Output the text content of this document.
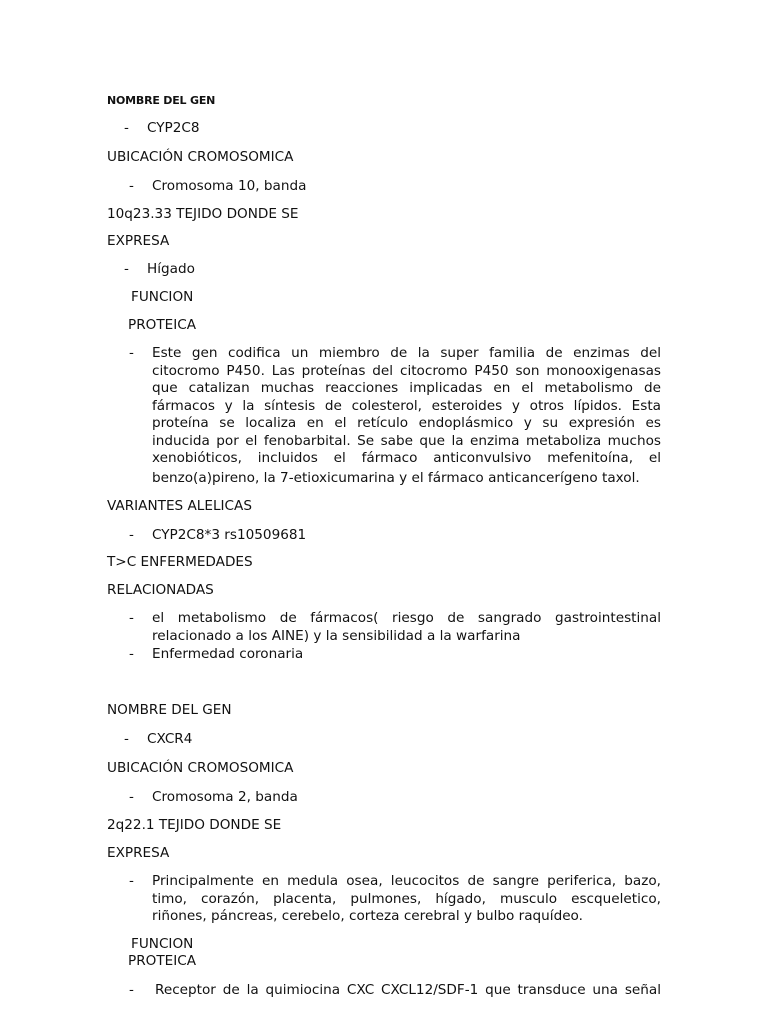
NOMBRE DEL GEN
- CYP2C8
UBICACIÓN CROMOSOMICA
- Cromosoma 10, banda
10q23.33 TEJIDO DONDE SE
EXPRESA
- Hígado
FUNCION
PROTEICA
- Este gen codifica un miembro de la super familia de enzimas del
citocromo P450. Las proteínas del citocromo P450 son monooxigenasas
que catalizan muchas reacciones implicadas en el metabolismo de
fármacos y la síntesis de colesterol, esteroides y otros lípidos. Esta
proteína se localiza en el retículo endoplásmico y su expresión es
inducida por el fenobarbital. Se sabe que la enzima metaboliza muchos
xenobióticos, incluidos el fármaco anticonvulsivo mefenitoína, el
benzo(a)pireno, la 7-etioxicumarina y el fármaco anticancerígeno taxol.
VARIANTES ALELICAS
- CYP2C8*3 rs10509681
T>C ENFERMEDADES
RELACIONADAS
- el metabolismo de fármacos( riesgo de sangrado gastrointestinal
relacionado a los AINE) y la sensibilidad a la warfarina
- Enfermedad coronaria
NOMBRE DEL GEN
- CXCR4
UBICACIÓN CROMOSOMICA
- Cromosoma 2, banda
2q22.1 TEJIDO DONDE SE
EXPRESA
- Principalmente en medula osea, leucocitos de sangre periferica, bazo,
timo, corazón, placenta, pulmones, hígado, musculo escqueletico,
riñones, páncreas, cerebelo, corteza cerebral y bulbo raquídeo.
FUNCION
PROTEICA
- Receptor de la quimiocina CXC CXCL12/SDF-1 que transduce una señal
